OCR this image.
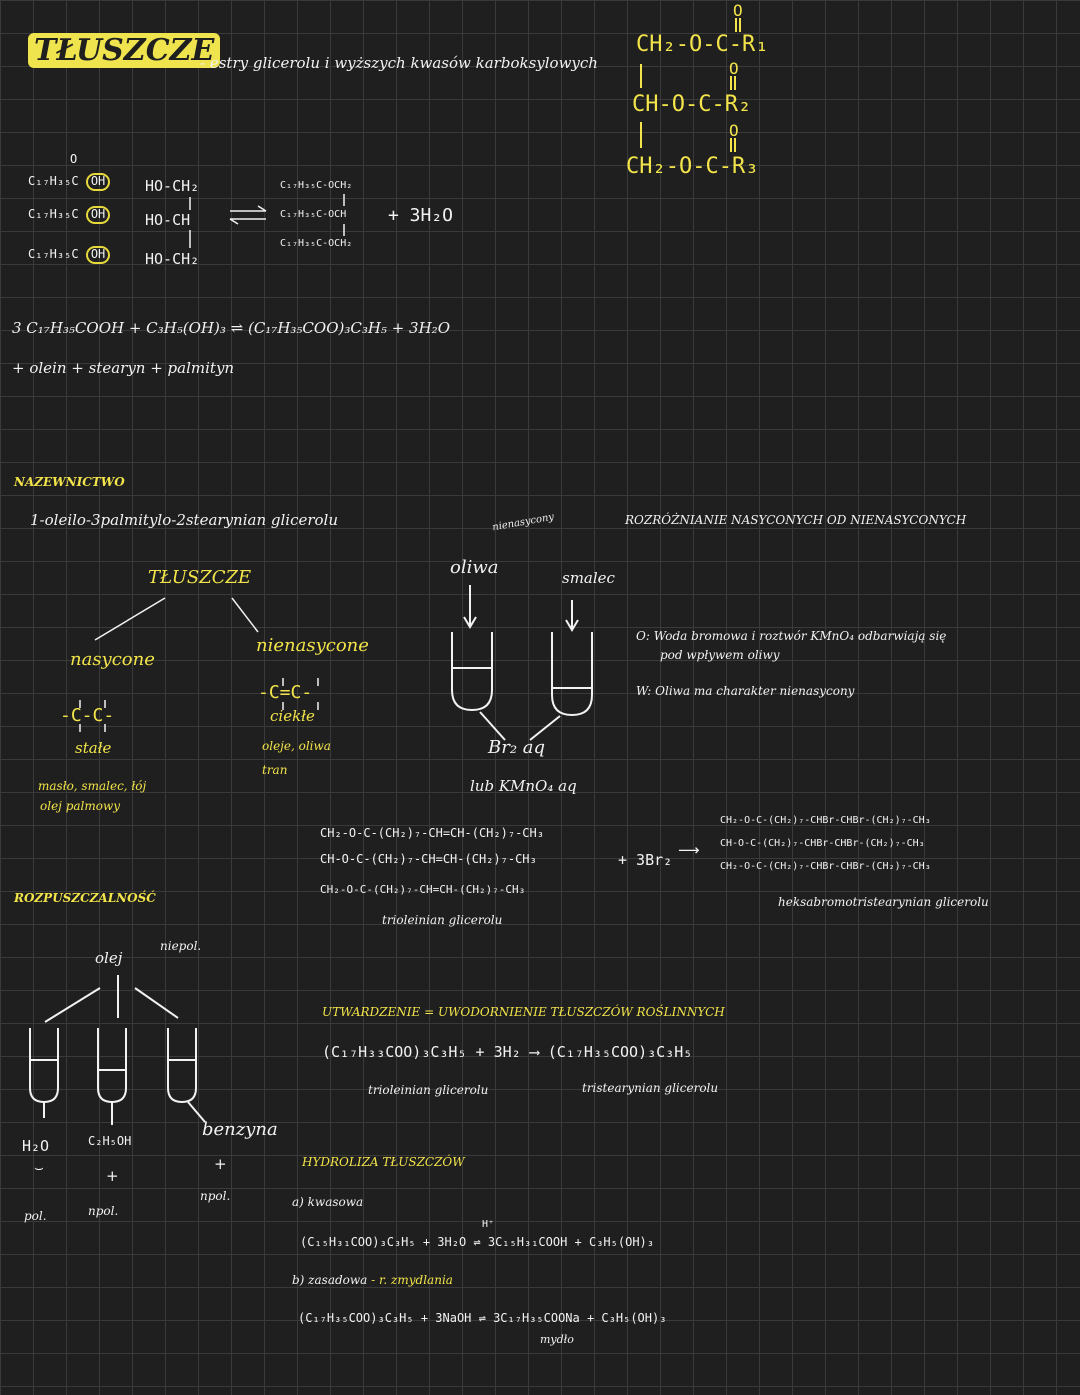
TŁUSZCZE
- estry glicerolu i wyższych kwasów karboksylowych
O
CH₂-O-C-R₁
O
CH-O-C-R₂
O
CH₂-O-C-R₃
O
C₁₇H₃₅C OH
C₁₇H₃₅C OH
C₁₇H₃₅C OH
HO-CH₂
HO-CH
HO-CH₂
C₁₇H₃₅C-OCH₂
C₁₇H₃₅C-OCH
C₁₇H₃₅C-OCH₂
+ 3H₂O
3 C₁₇H₃₅COOH + C₃H₅(OH)₃ ⇌ (C₁₇H₃₅COO)₃C₃H₅ + 3H₂O
+ olein + stearyn + palmityn
NAZEWNICTWO
1-oleilo-3palmitylo-2stearynian glicerolu
TŁUSZCZE
nasycone
-C-C-
stałe
masło, smalec, łój
olej palmowy
nienasycone
-C=C-
ciekłe
oleje, oliwa
tran
ROZRÓŻNIANIE NASYCONYCH OD NIENASYCONYCH
nienasycony
oliwa	smalec
Br₂ aq
lub KMnO₄ aq
O: Woda bromowa i roztwór KMnO₄ odbarwiają się
pod wpływem oliwy
W: Oliwa ma charakter nienasycony
CH₂-O-C-(CH₂)₇-CH=CH-(CH₂)₇-CH₃
CH-O-C-(CH₂)₇-CH=CH-(CH₂)₇-CH₃
CH₂-O-C-(CH₂)₇-CH=CH-(CH₂)₇-CH₃
trioleinian glicerolu
+ 3Br₂
⟶
CH₂-O-C-(CH₂)₇-CHBr-CHBr-(CH₂)₇-CH₃
CH-O-C-(CH₂)₇-CHBr-CHBr-(CH₂)₇-CH₃
CH₂-O-C-(CH₂)₇-CHBr-CHBr-(CH₂)₇-CH₃
heksabromotristearynian glicerolu
ROZPUSZCZALNOŚĆ
olej
niepol.
H₂O
⌣
pol.
C₂H₅OH
+
npol.
benzyna
+
npol.
UTWARDZENIE = UWODORNIENIE TŁUSZCZÓW ROŚLINNYCH
(C₁₇H₃₃COO)₃C₃H₅ + 3H₂ ⟶ (C₁₇H₃₅COO)₃C₃H₅
trioleinian glicerolu	tristearynian glicerolu
HYDROLIZA TŁUSZCZÓW
a) kwasowa
H⁺
(C₁₅H₃₁COO)₃C₃H₅ + 3H₂O ⇌ 3C₁₅H₃₁COOH + C₃H₅(OH)₃
b) zasadowa - r. zmydlania
(C₁₇H₃₅COO)₃C₃H₅ + 3NaOH ⇌ 3C₁₇H₃₅COONa + C₃H₅(OH)₃
mydło
